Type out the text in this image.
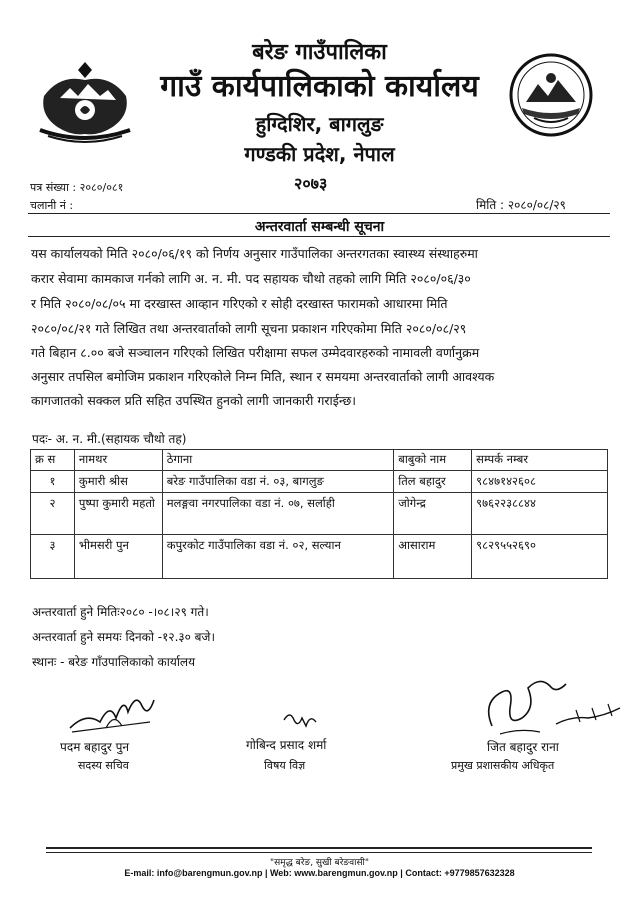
बरेङ गाउँपालिका
गाउँ कार्यपालिकाको कार्यालय
हुग्दिशिर, बागलुङ
गण्डकी प्रदेश, नेपाल
पत्र संख्या : २०८०/०८१
चलानी नं :
२०७३
मिति : २०८०/०८/२९
अन्तरवार्ता सम्बन्धी सूचना
यस कार्यालयको मिति २०८०/०६/१९ को निर्णय अनुसार गाउँपालिका अन्तरगतका स्वास्थ्य संस्थाहरुमा
करार सेवामा कामकाज गर्नको लागि अ. न. मी. पद सहायक चौथो तहको लागि मिति २०८०/०६/३०
र मिति २०८०/०८/०५ मा दरखास्त आव्हान गरिएको र सोही दरखास्त फारामको आधारमा मिति
२०८०/०८/२१ गते लिखित तथा अन्तरवार्ताको लागी सूचना प्रकाशन गरिएकोमा मिति २०८०/०८/२९
गते बिहान ८.०० बजे सञ्चालन गरिएको लिखित परीक्षामा सफल उम्मेदवारहरुको नामावली वर्णानुक्रम
अनुसार तपसिल बमोजिम प्रकाशन गरिएकोले निम्न मिति, स्थान र समयमा अन्तरवार्ताको लागी आवश्यक
कागजातको सक्कल प्रति सहित उपस्थित हुनको लागी जानकारी गराईन्छ।
पदः- अ. न. मी.(सहायक चौथो तह)
क्र स	नामथर	ठेगाना	बाबुको नाम	सम्पर्क नम्बर
१	कुमारी श्रीस	बरेङ गाउँपालिका वडा नं. ०३, बागलुङ	तिल बहादुर	९८४७१४२६०८
२	पुष्पा कुमारी महतो	मलङ्गवा नगरपालिका वडा नं. ०७, सर्लाही	जोगेन्द्र	९७६२२३८८४४
३	भीमसरी पुन	कपुरकोट गाउँपालिका वडा नं. ०२, सल्यान	आसाराम	९८२९५५२६९०
अन्तरवार्ता हुने मितिः२०८० -।०८।२९ गते।
अन्तरवार्ता हुने समयः दिनको -१२.३० बजे।
स्थानः - बरेङ गाँउपालिकाको कार्यालय
पदम बहादुर पुन
सदस्य सचिव
गोबिन्द प्रसाद शर्मा
विषय विज्ञ
जित बहादुर राना
प्रमुख प्रशासकीय अधिकृत
"समृद्ध बरेङ, सुखी बरेङवासी"
E-mail: info@barengmun.gov.np | Web: www.barengmun.gov.np | Contact: +9779857632328
